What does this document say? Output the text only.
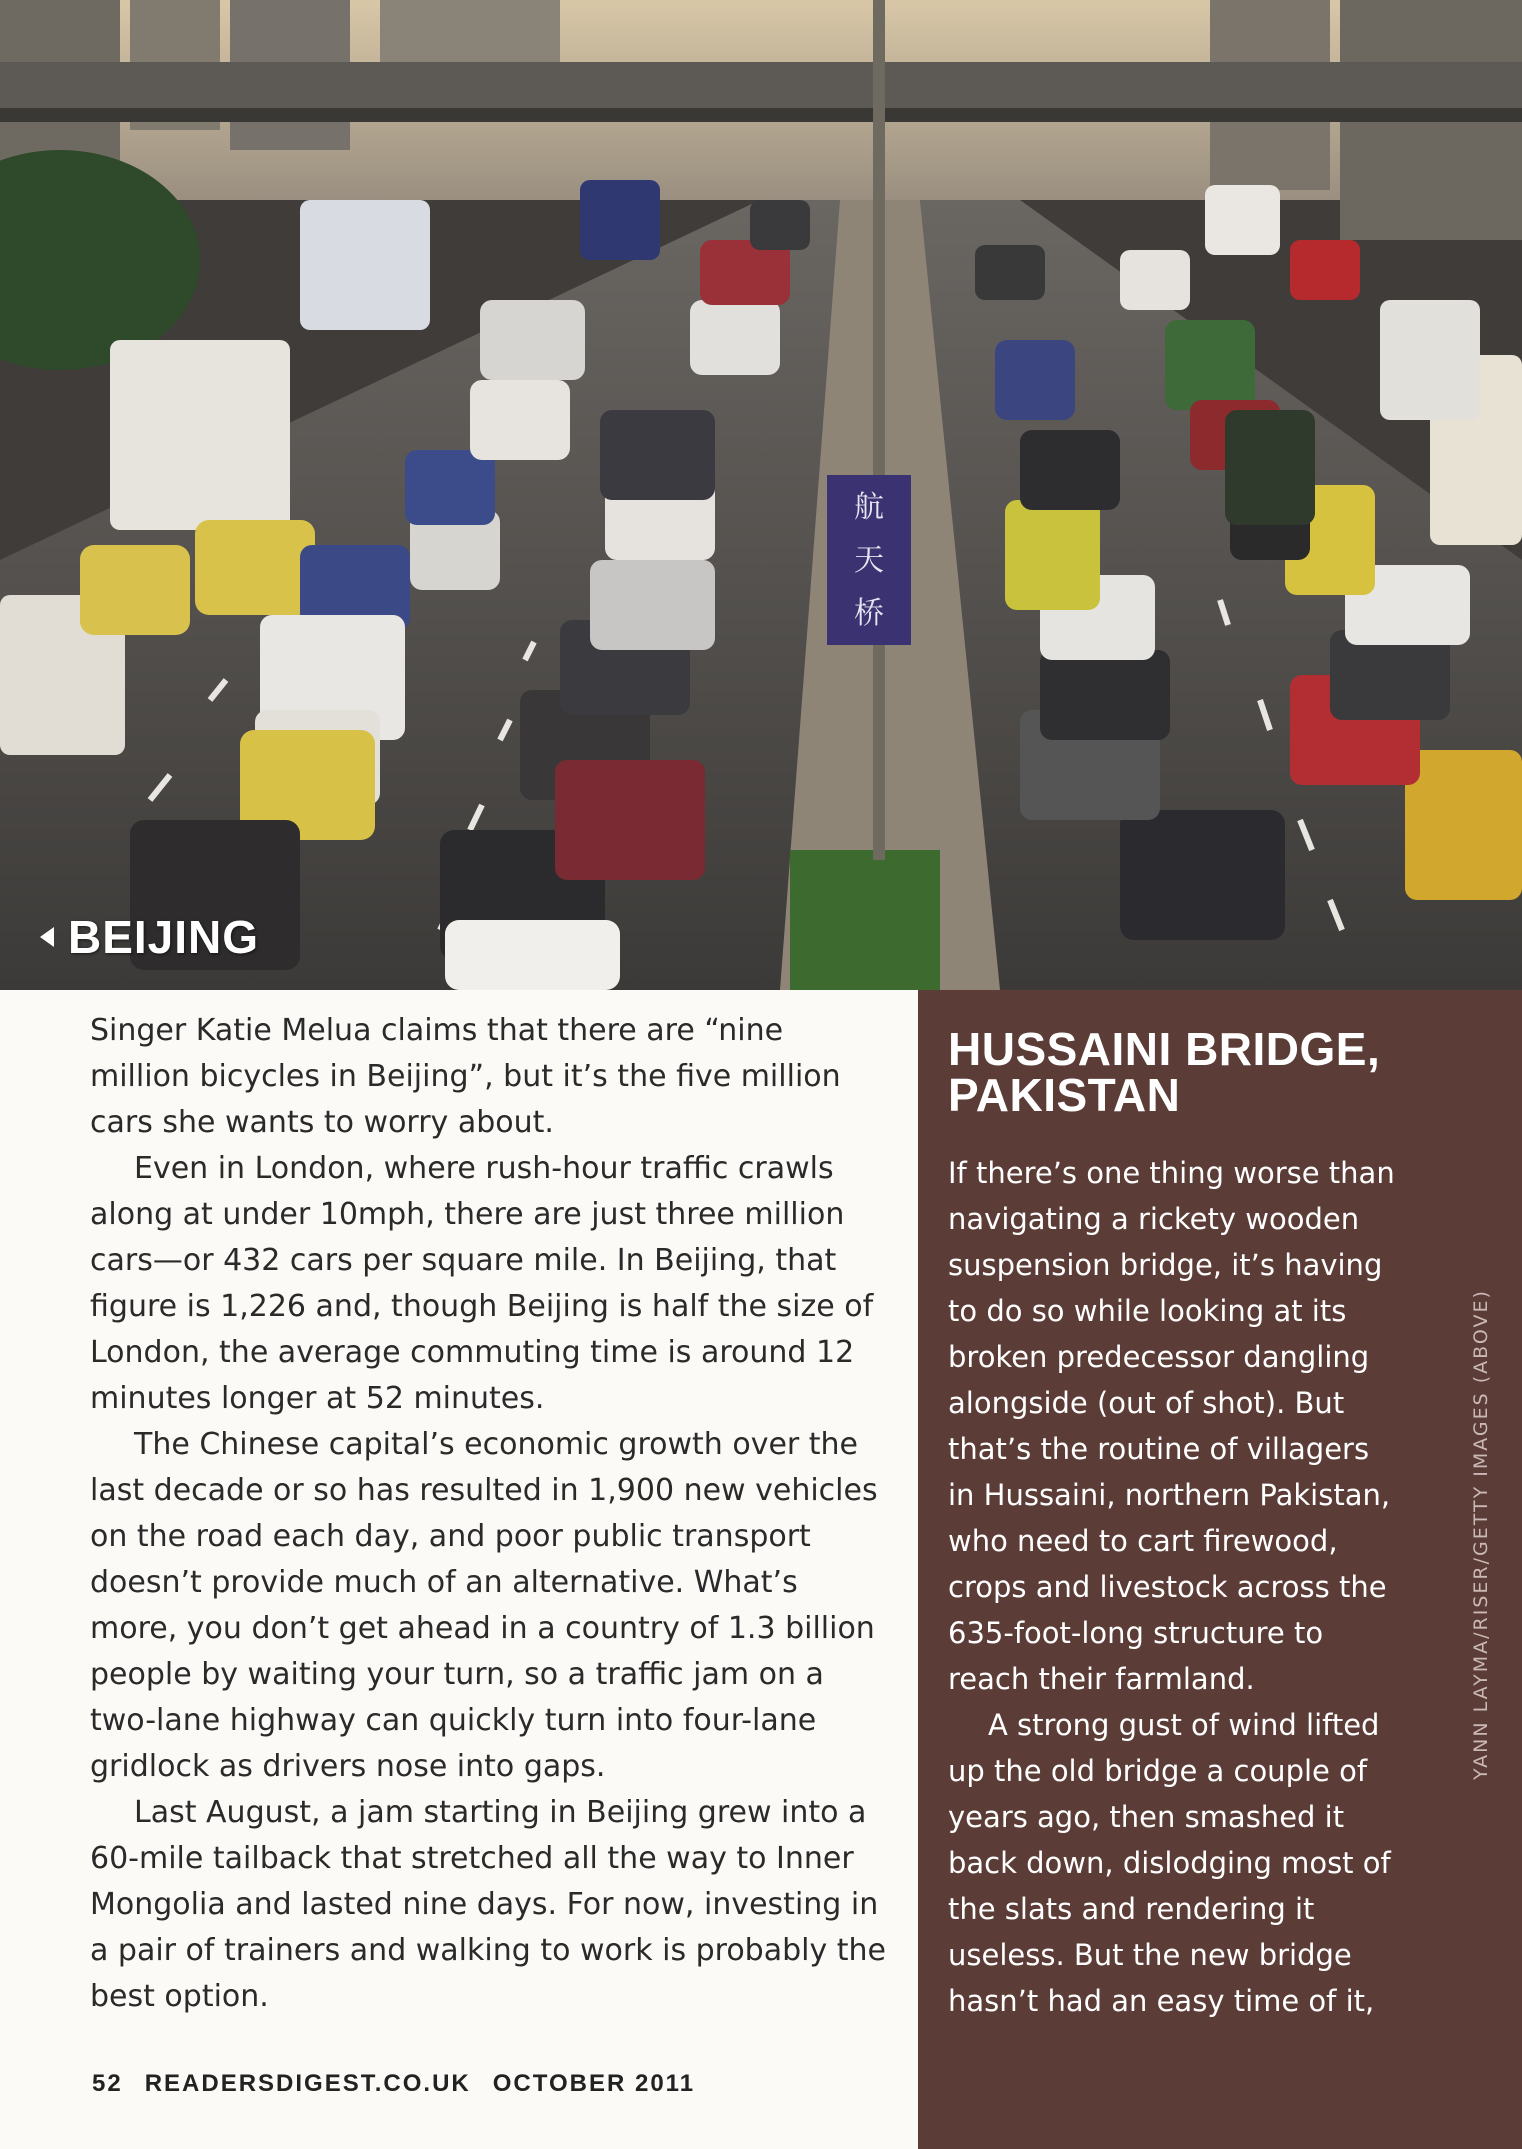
航
天
桥
BEIJING

Singer Katie Melua claims that there are “nine million bicycles in Beijing”, but it’s the five million cars she wants to worry about.

Even in London, where rush-hour traffic crawls along at under 10mph, there are just three million cars—or 432 cars per square mile. In Beijing, that figure is 1,226 and, though Beijing is half the size of London, the average commuting time is around 12 minutes longer at 52 minutes.

The Chinese capital’s economic growth over the last decade or so has resulted in 1,900 new vehicles on the road each day, and poor public transport doesn’t provide much of an alternative. What’s more, you don’t get ahead in a country of 1.3 billion people by waiting your turn, so a traffic jam on a two-lane highway can quickly turn into four-lane gridlock as drivers nose into gaps.

Last August, a jam starting in Beijing grew into a 60-mile tailback that stretched all the way to Inner Mongolia and lasted nine days. For now, investing in a pair of trainers and walking to work is probably the best option.

HUSSAINI BRIDGE,
PAKISTAN

If there’s one thing worse than navigating a rickety wooden suspension bridge, it’s having to do so while looking at its broken predecessor dangling alongside (out of shot). But that’s the routine of villagers in Hussaini, northern Pakistan, who need to cart firewood, crops and livestock across the 635-foot-long structure to reach their farmland.

A strong gust of wind lifted up the old bridge a couple of years ago, then smashed it back down, dislodging most of the slats and rendering it useless. But the new bridge hasn’t had an easy time of it,

YANN LAYMA/RISER/GETTY IMAGES (ABOVE)
52 READERSDIGEST.CO.UK OCTOBER 2011
